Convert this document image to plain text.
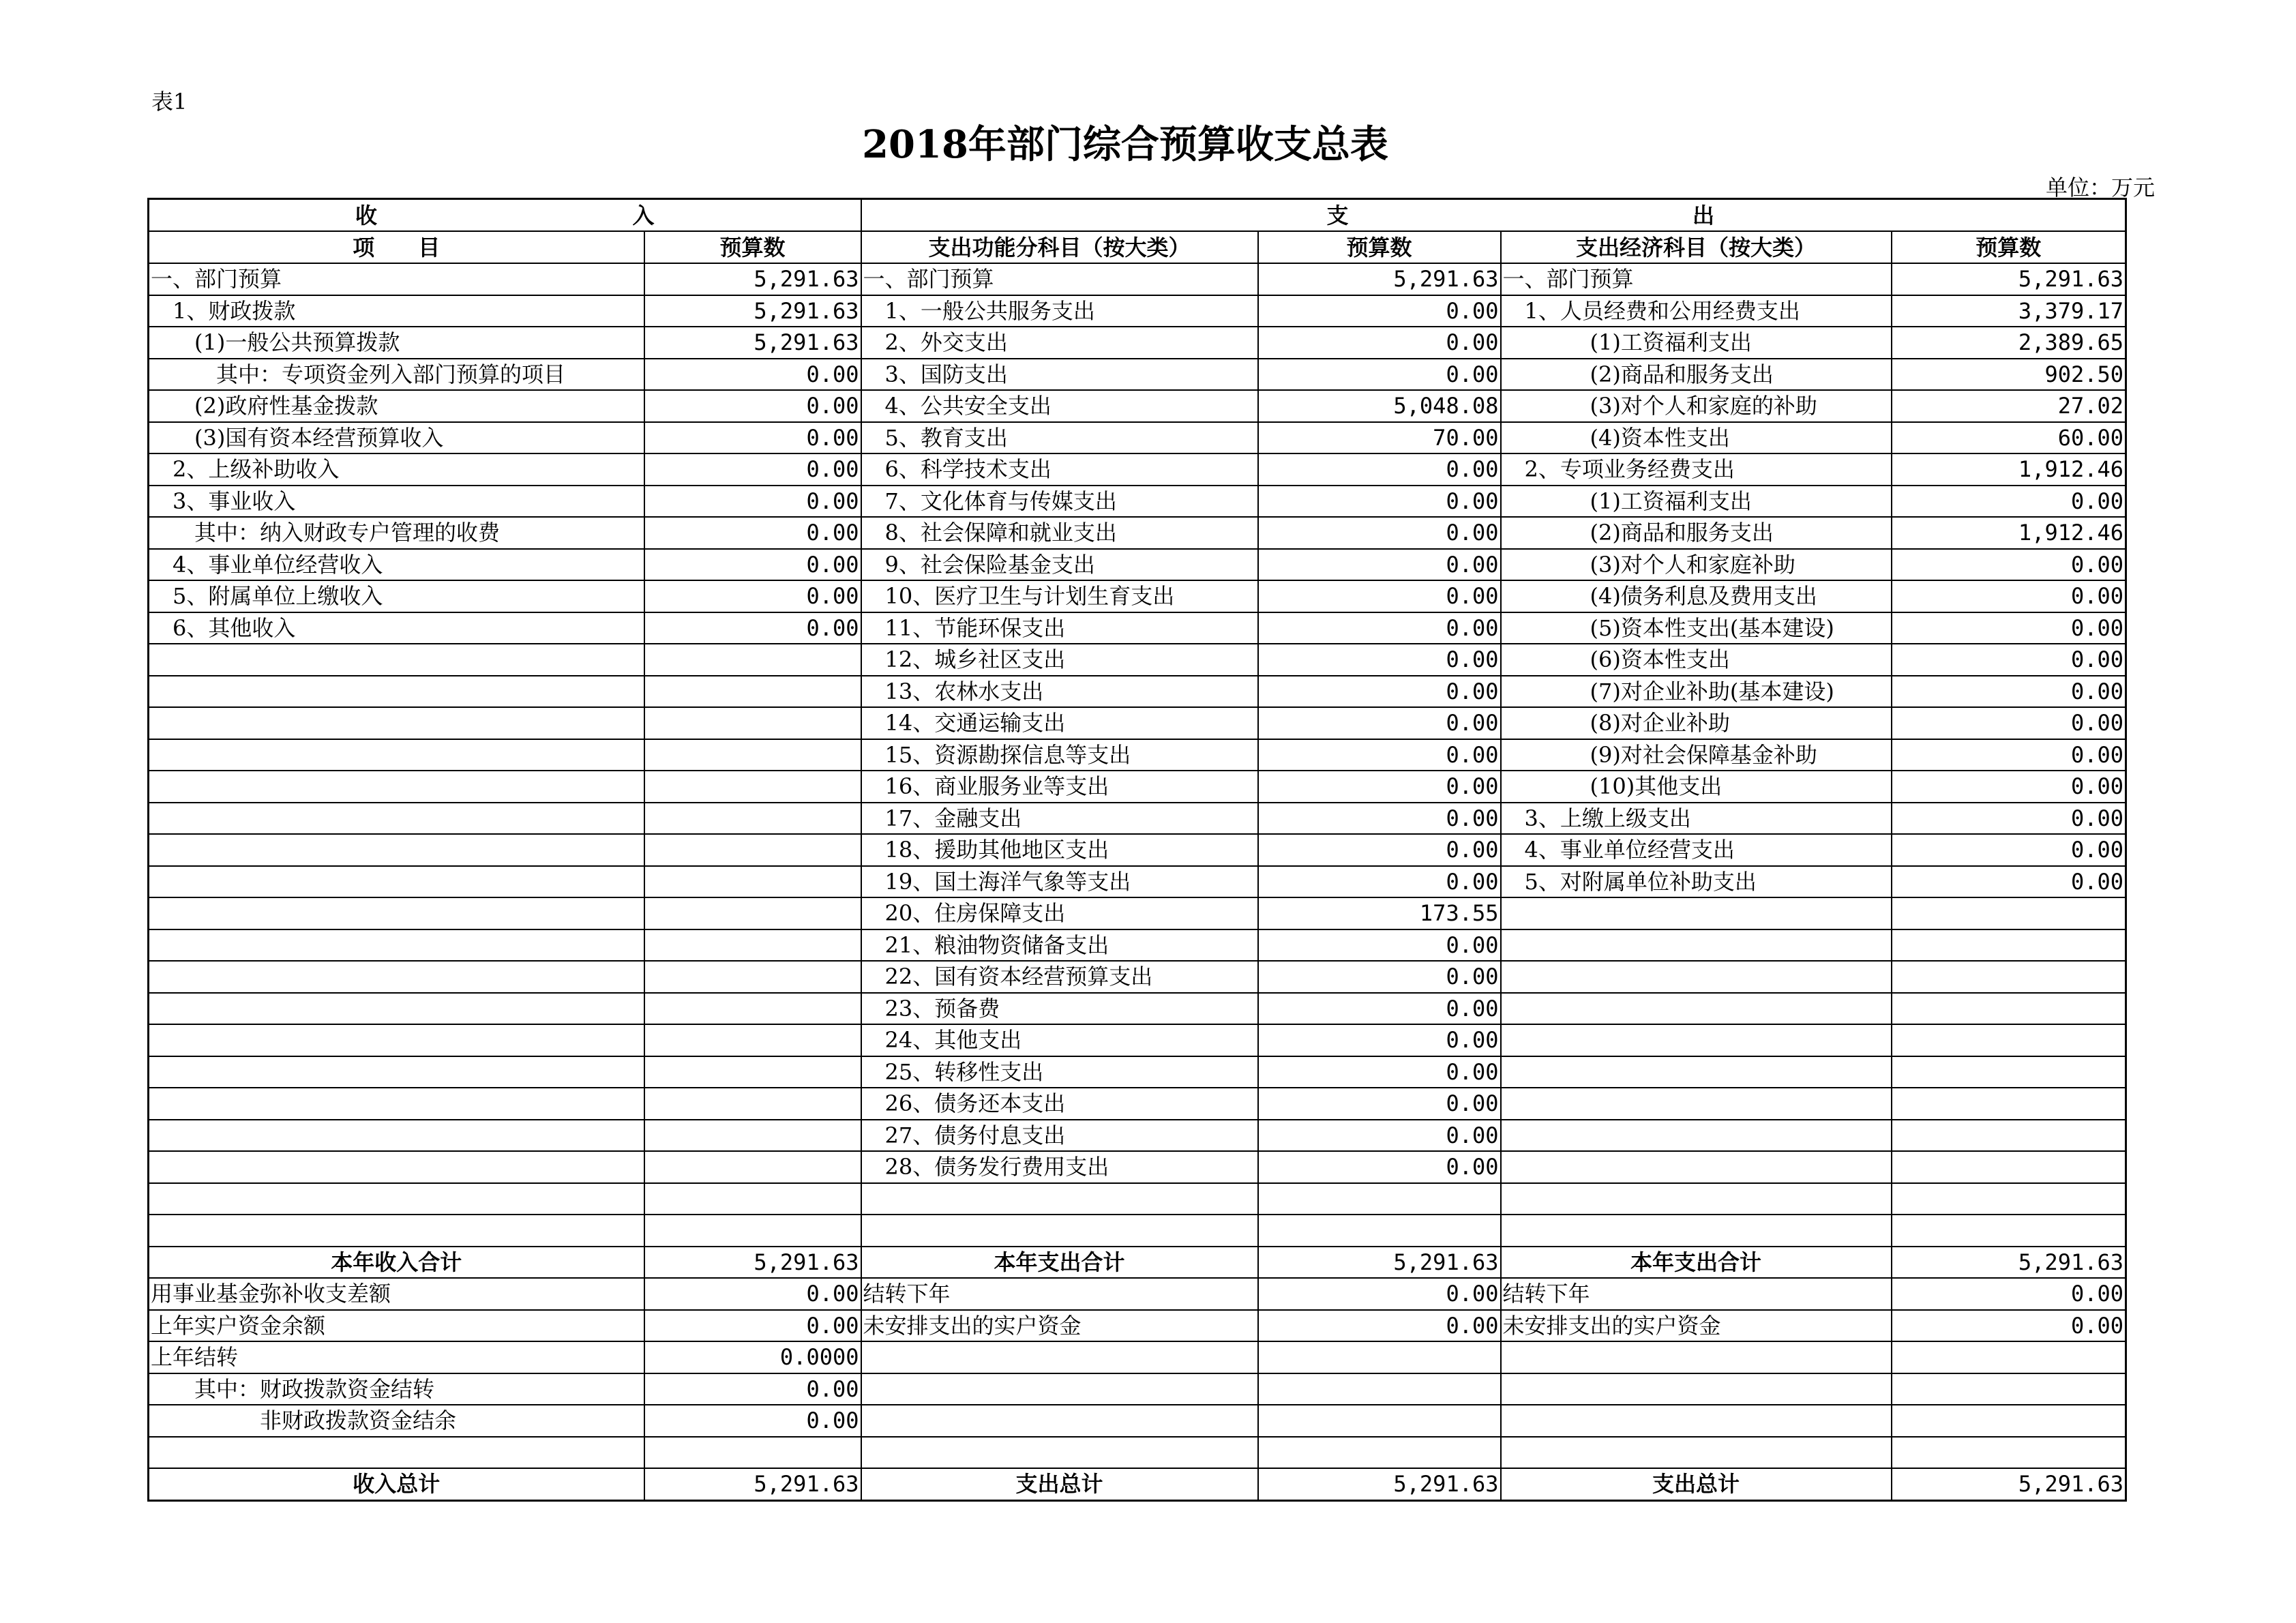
表1
2018年部门综合预算收支总表
单位：万元
收 入		支 出			

项　　目	预算数	支出功能分科目（按大类）	预算数	支出经济科目（按大类）	预算数
一、部门预算	5,291.63	一、部门预算	5,291.63	一、部门预算	5,291.63
　1、财政拨款	5,291.63	　1、一般公共服务支出	0.00	　1、人员经费和公用经费支出	3,379.17
　　(1)一般公共预算拨款	5,291.63	　2、外交支出	0.00	　　　　(1)工资福利支出	2,389.65
　　　其中：专项资金列入部门预算的项目	0.00	　3、国防支出	0.00	　　　　(2)商品和服务支出	902.50
　　(2)政府性基金拨款	0.00	　4、公共安全支出	5,048.08	　　　　(3)对个人和家庭的补助	27.02
　　(3)国有资本经营预算收入	0.00	　5、教育支出	70.00	　　　　(4)资本性支出	60.00
　2、上级补助收入	0.00	　6、科学技术支出	0.00	　2、专项业务经费支出	1,912.46
　3、事业收入	0.00	　7、文化体育与传媒支出	0.00	　　　　(1)工资福利支出	0.00
　　其中：纳入财政专户管理的收费	0.00	　8、社会保障和就业支出	0.00	　　　　(2)商品和服务支出	1,912.46
　4、事业单位经营收入	0.00	　9、社会保险基金支出	0.00	　　　　(3)对个人和家庭补助	0.00
　5、附属单位上缴收入	0.00	　10、医疗卫生与计划生育支出	0.00	　　　　(4)债务利息及费用支出	0.00
　6、其他收入	0.00	　11、节能环保支出	0.00	　　　　(5)资本性支出(基本建设)	0.00
		　12、城乡社区支出	0.00	　　　　(6)资本性支出	0.00
		　13、农林水支出	0.00	　　　　(7)对企业补助(基本建设)	0.00
		　14、交通运输支出	0.00	　　　　(8)对企业补助	0.00
		　15、资源勘探信息等支出	0.00	　　　　(9)对社会保障基金补助	0.00
		　16、商业服务业等支出	0.00	　　　　(10)其他支出	0.00
		　17、金融支出	0.00	　3、上缴上级支出	0.00
		　18、援助其他地区支出	0.00	　4、事业单位经营支出	0.00
		　19、国土海洋气象等支出	0.00	　5、对附属单位补助支出	0.00
		　20、住房保障支出	173.55		
		　21、粮油物资储备支出	0.00		
		　22、国有资本经营预算支出	0.00		
		　23、预备费	0.00		
		　24、其他支出	0.00		
		　25、转移性支出	0.00		
		　26、债务还本支出	0.00		
		　27、债务付息支出	0.00		
		　28、债务发行费用支出	0.00		

本年收入合计	5,291.63	本年支出合计	5,291.63	本年支出合计	5,291.63
用事业基金弥补收支差额	0.00	结转下年	0.00	结转下年	0.00
上年实户资金余额	0.00	未安排支出的实户资金	0.00	未安排支出的实户资金	0.00
上年结转	0.0000				
　　其中：财政拨款资金结转	0.00				
　　　　　非财政拨款资金结余	0.00				

收入总计	5,291.63	支出总计	5,291.63	支出总计	5,291.63
